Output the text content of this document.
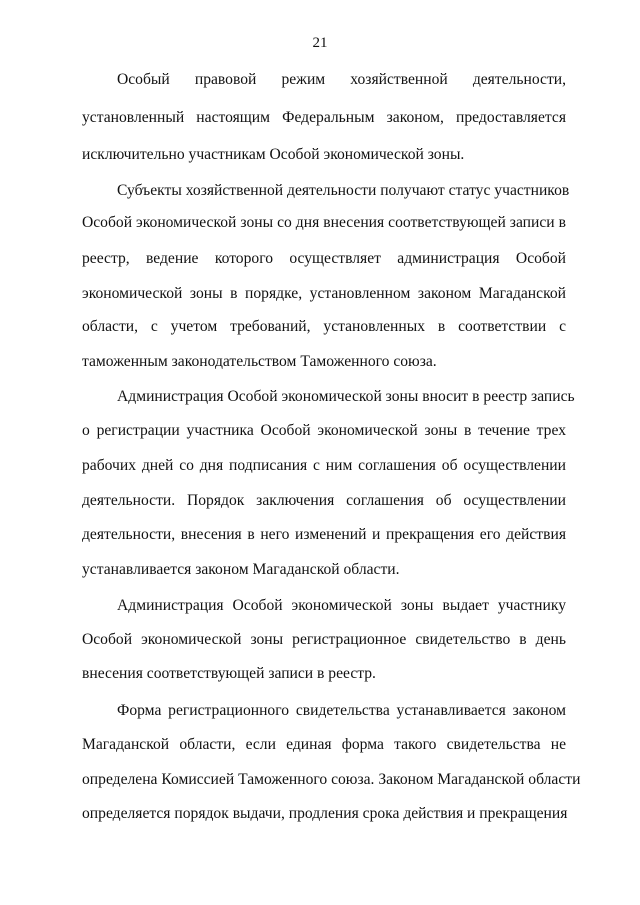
21
Особый правовой режим хозяйственной деятельности,
установленный настоящим Федеральным законом, предоставляется
исключительно участникам Особой экономической зоны.
Субъекты хозяйственной деятельности получают статус участников
Особой экономической зоны со дня внесения соответствующей записи в
реестр, ведение которого осуществляет администрация Особой
экономической зоны в порядке, установленном законом Магаданской
области, с учетом требований, установленных в соответствии с
таможенным законодательством Таможенного союза.
Администрация Особой экономической зоны вносит в реестр запись
о регистрации участника Особой экономической зоны в течение трех
рабочих дней со дня подписания с ним соглашения об осуществлении
деятельности. Порядок заключения соглашения об осуществлении
деятельности, внесения в него изменений и прекращения его действия
устанавливается законом Магаданской области.
Администрация Особой экономической зоны выдает участнику
Особой экономической зоны регистрационное свидетельство в день
внесения соответствующей записи в реестр.
Форма регистрационного свидетельства устанавливается законом
Магаданской области, если единая форма такого свидетельства не
определена Комиссией Таможенного союза. Законом Магаданской области
определяется порядок выдачи, продления срока действия и прекращения
